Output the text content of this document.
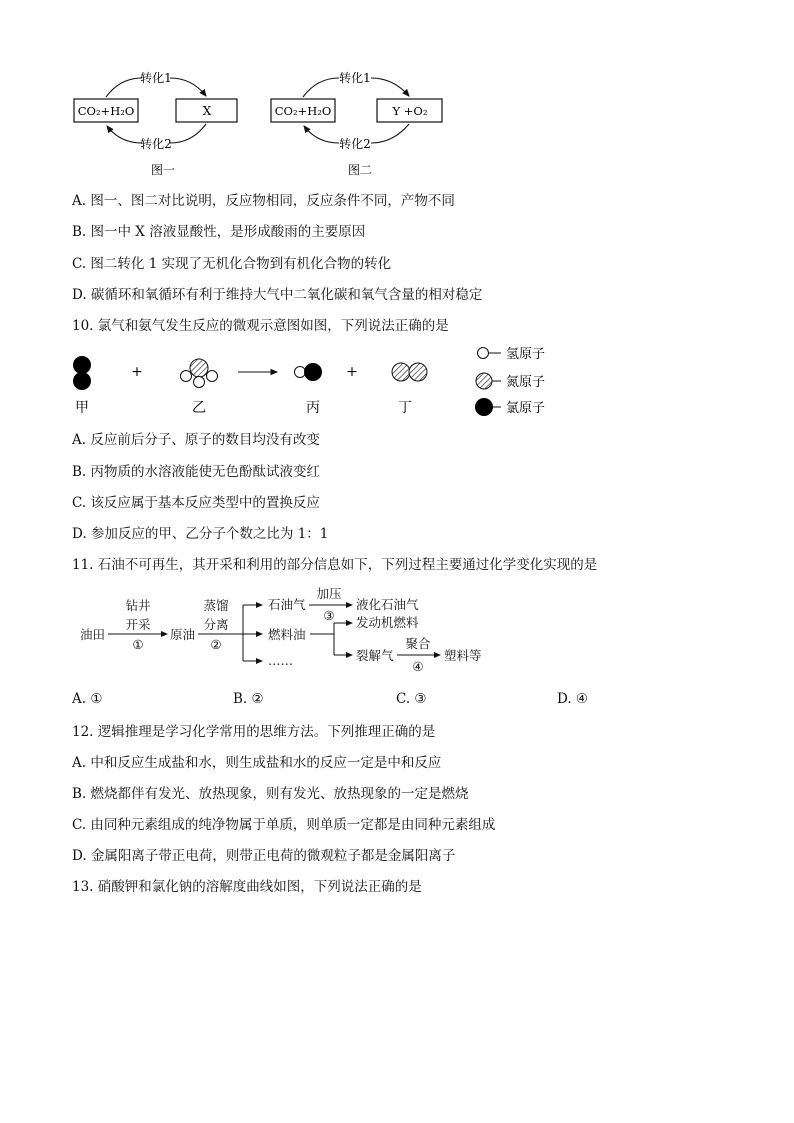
CO₂+H₂O	X
转化1
转化2
图一
CO₂+H₂O	Y +O₂
转化1
转化2
图二
A. 图一、图二对比说明，反应物相同，反应条件不同，产物不同
B. 图一中 X 溶液显酸性，是形成酸雨的主要原因
C. 图二转化 1 实现了无机化合物到有机化合物的转化
D. 碳循环和氧循环有利于维持大气中二氧化碳和氧气含量的相对稳定
10. 氯气和氨气发生反应的微观示意图如图，下列说法正确的是
+	+
甲	乙	丙	丁
氢原子
氮原子
氯原子
A. 反应前后分子、原子的数目均没有改变
B. 丙物质的水溶液能使无色酚酞试液变红
C. 该反应属于基本反应类型中的置换反应
D. 参加反应的甲、乙分子个数之比为 1：1
11. 石油不可再生，其开采和利用的部分信息如下，下列过程主要通过化学变化实现的是
油田
钻井
开采
①
原油
蒸馏
分离
②
石油气
加压
③
液化石油气
燃料油
发动机燃料
裂解气
聚合
④
塑料等
……
A. ①	B. ②	C. ③	D. ④
12. 逻辑推理是学习化学常用的思维方法。下列推理正确的是
A. 中和反应生成盐和水，则生成盐和水的反应一定是中和反应
B. 燃烧都伴有发光、放热现象，则有发光、放热现象的一定是燃烧
C. 由同种元素组成的纯净物属于单质，则单质一定都是由同种元素组成
D. 金属阳离子带正电荷，则带正电荷的微观粒子都是金属阳离子
13. 硝酸钾和氯化钠的溶解度曲线如图，下列说法正确的是
